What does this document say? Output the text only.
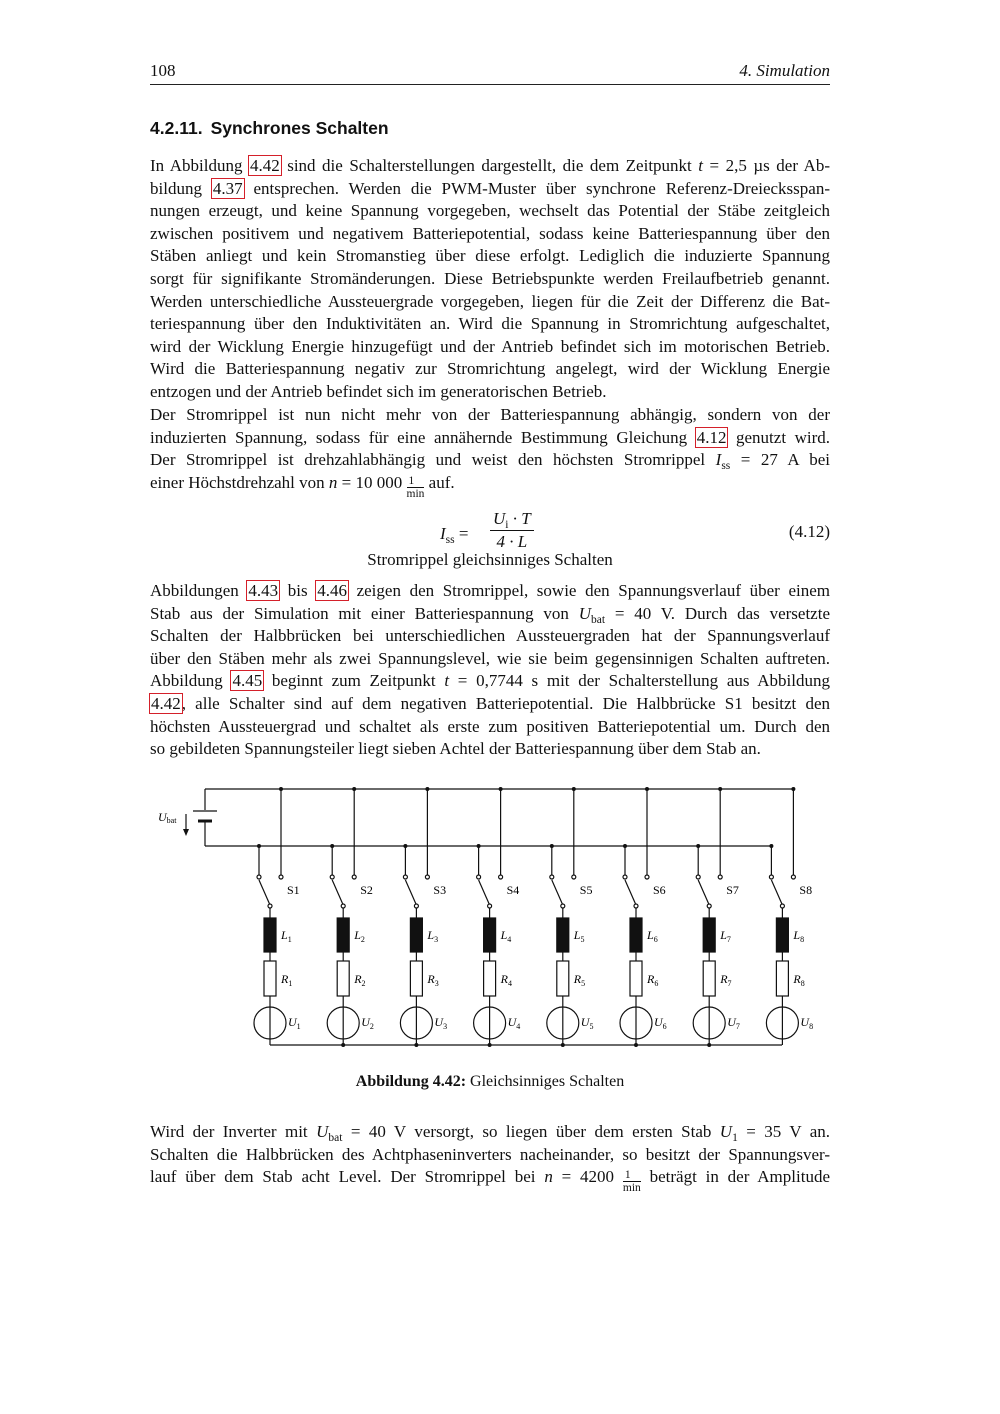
108	4. Simulation
4.2.11. Synchrones Schalten
In Abbildung 4.42 sind die Schalterstellungen dargestellt, die dem Zeitpunkt t = 2,5 µs der Ab-
bildung 4.37 entsprechen. Werden die PWM-Muster über synchrone Referenz-Dreiecksspan-
nungen erzeugt, und keine Spannung vorgegeben, wechselt das Potential der Stäbe zeitgleich
zwischen positivem und negativem Batteriepotential, sodass keine Batteriespannung über den
Stäben anliegt und kein Stromanstieg über diese erfolgt. Lediglich die induzierte Spannung
sorgt für signifikante Stromänderungen. Diese Betriebspunkte werden Freilaufbetrieb genannt.
Werden unterschiedliche Aussteuergrade vorgegeben, liegen für die Zeit der Differenz die Bat-
teriespannung über den Induktivitäten an. Wird die Spannung in Stromrichtung aufgeschaltet,
wird der Wicklung Energie hinzugefügt und der Antrieb befindet sich im motorischen Betrieb.
Wird die Batteriespannung negativ zur Stromrichtung angelegt, wird der Wicklung Energie
entzogen und der Antrieb befindet sich im generatorischen Betrieb.
Der Stromrippel ist nun nicht mehr von der Batteriespannung abhängig, sondern von der
induzierten Spannung, sodass für eine annähernde Bestimmung Gleichung 4.12 genutzt wird.
Der Stromrippel ist drehzahlabhängig und weist den höchsten Stromrippel $I_{ss} = 27$ A bei
einer Höchstdrehzahl von n = 10 $000 \frac{1}{\min}$ auf.
$I_{ss} = \frac{U_i \cdot T}{4 \cdot L}$	(4.12)
Stromrippel gleichsinniges Schalten
Abbildungen 4.43 bis 4.46 zeigen den Stromrippel, sowie den Spannungsverlauf über einem
Stab aus der Simulation mit einer Batteriespannung von $U_{bat} = 40$ V. Durch das versetzte
Schalten der Halbbrücken bei unterschiedlichen Aussteuergraden hat der Spannungsverlauf
über den Stäben mehr als zwei Spannungslevel, wie sie beim gegensinnigen Schalten auftreten.
Abbildung 4.45 beginnt zum Zeitpunkt t = 0,7744 s mit der Schalterstellung aus Abbildung
4.42, alle Schalter sind auf dem negativen Batteriepotential. Die Halbbrücke S1 besitzt den
höchsten Aussteuergrad und schaltet als erste zum positiven Batteriepotential um. Durch den
so gebildeten Spannungsteiler liegt sieben Achtel der Batteriespannung über dem Stab an.
Ubat
S1
$L_1$
$R_1$
$U_1$
S2
$L_2$
$R_2$
$U_2$
S3
$L_3$
$R_3$
$U_3$
S4
$L_4$
$R_4$
$U_4$
S5
$L_5$
$R_5$
$U_5$
S6
$L_6$
$R_6$
$U_6$
S7
$L_7$
$R_7$
$U_7$
S8
$L_8$
$R_8$
$U_8$
Abbildung 4.42: Gleichsinniges Schalten
Wird der Inverter mit $U_{bat} = 40$ V versorgt, so liegen über dem ersten Stab $U_1 = 35$ V an.
Schalten die Halbbrücken des Achtphaseninverters nacheinander, so besitzt der Spannungsver-
lauf über dem Stab acht Level. Der Stromrippel bei $n = 4200 \frac{1}{\min}$ beträgt in der Amplitude
